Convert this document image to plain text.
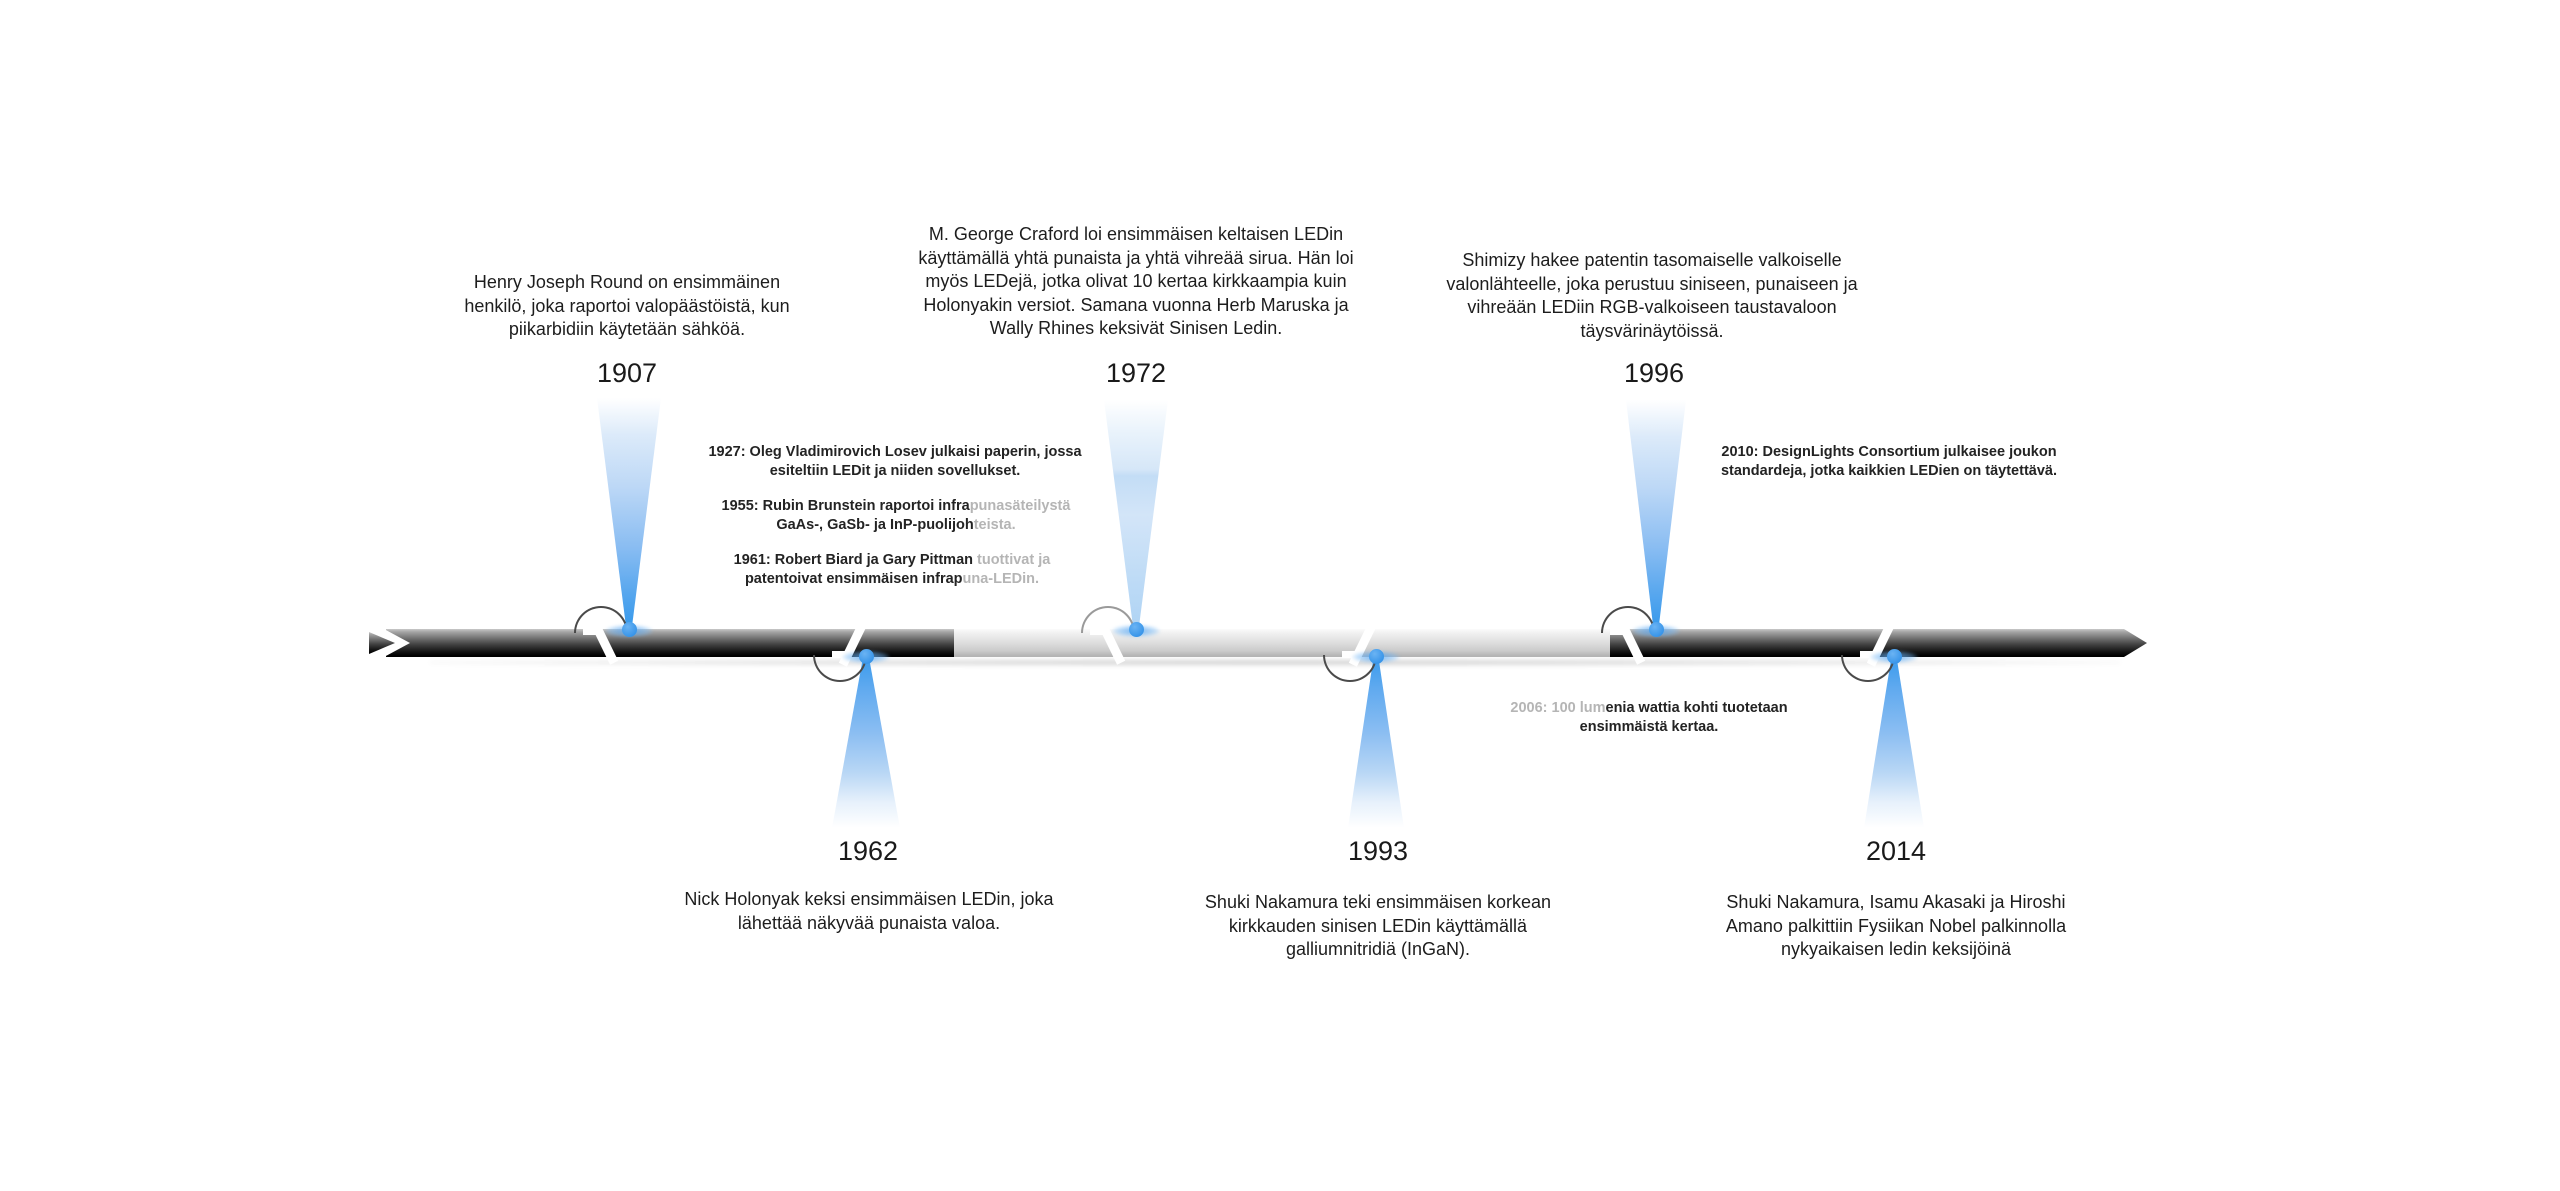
1907
Henry Joseph Round on ensimmäinen
henkilö, joka raportoi valopäästöistä, kun
piikarbidiin käytetään sähköä.
1962
Nick Holonyak keksi ensimmäisen LEDin, joka
lähettää näkyvää punaista valoa.
1972
M. George Craford loi ensimmäisen keltaisen LEDin
käyttämällä yhtä punaista ja yhtä vihreää sirua. Hän loi
myös LEDejä, jotka olivat 10 kertaa kirkkaampia kuin
Holonyakin versiot. Samana vuonna Herb Maruska ja
Wally Rhines keksivät Sinisen Ledin.
1993
Shuki Nakamura teki ensimmäisen korkean
kirkkauden sinisen LEDin käyttämällä
galliumnitridiä (InGaN).
1996
Shimizy hakee patentin tasomaiselle valkoiselle
valonlähteelle, joka perustuu siniseen, punaiseen ja
vihreään LEDiin RGB-valkoiseen taustavaloon
täysvärinäytöissä.
2014
Shuki Nakamura, Isamu Akasaki ja Hiroshi
Amano palkittiin Fysiikan Nobel palkinnolla
nykyaikaisen ledin keksijöinä
1927: Oleg Vladimirovich Losev julkaisi paperin, jossa
esiteltiin LEDit ja niiden sovellukset.
1955: Rubin Brunstein raportoi infrapunasäteilystä
GaAs-, GaSb- ja InP-puolijohteista.
1961: Robert Biard ja Gary Pittman tuottivat ja
patentoivat ensimmäisen infrapuna-LEDin.
2010: DesignLights Consortium julkaisee joukon
standardeja, jotka kaikkien LEDien on täytettävä.
2006: 100 lumenia wattia kohti tuotetaan
ensimmäistä kertaa.
